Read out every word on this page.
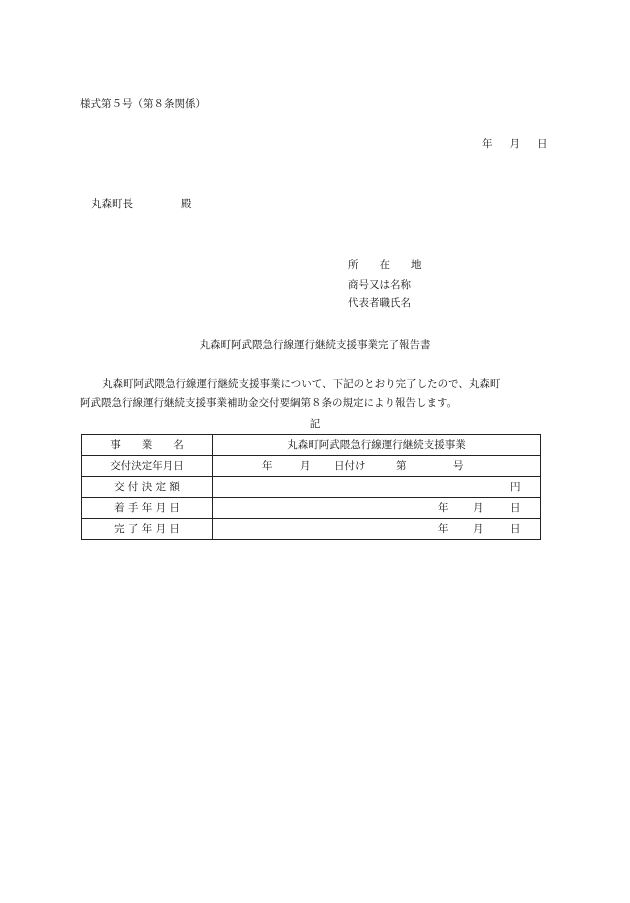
様式第５号（第８条関係）
年 月 日
丸森町長	殿
所　　在　　地
商号又は名称
代表者職氏名
丸森町阿武隈急行線運行継続支援事業完了報告書
丸森町阿武隈急行線運行継続支援事業について、下記のとおり完了したので、丸森町
阿武隈急行線運行継続支援事業補助金交付要綱第８条の規定により報告します。
記
事　　業　　名	丸森町阿武隈急行線運行継続支援事業
交付決定年月日	年 月 日付け 第 号

交 付 決 定 額	円

着 手 年 月 日	年 月 日

完 了 年 月 日	年 月 日
